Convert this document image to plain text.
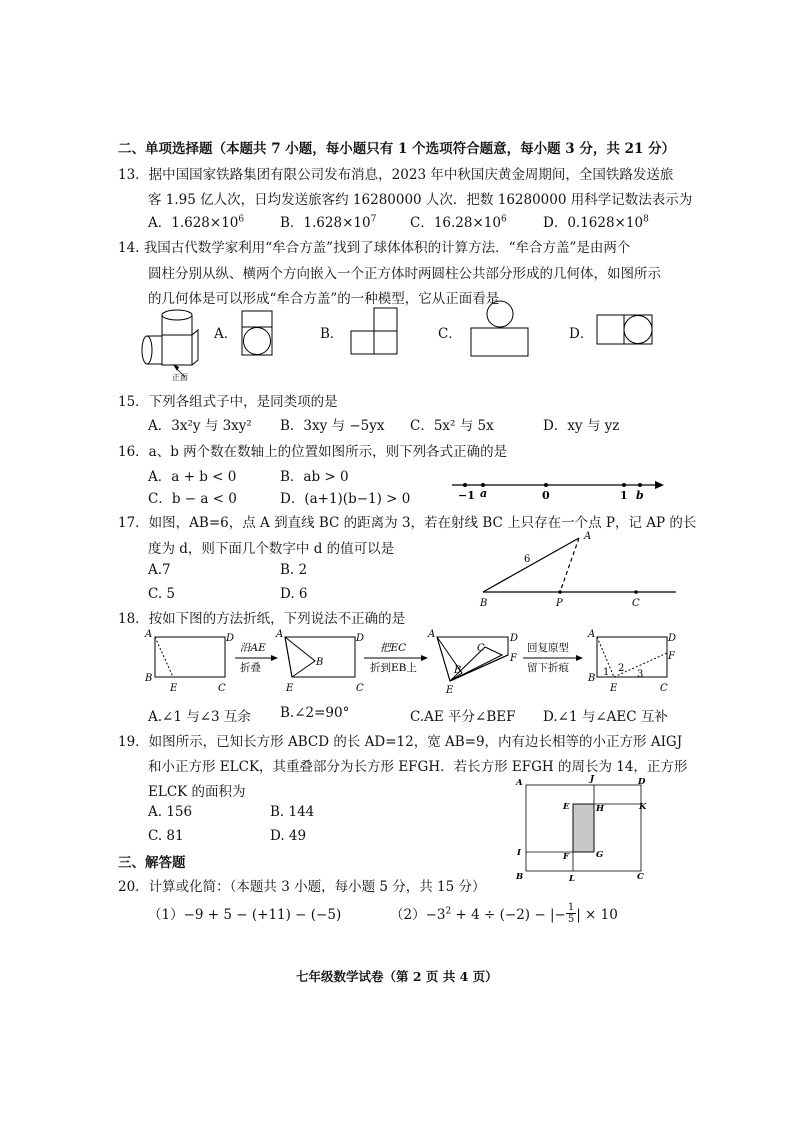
二、单项选择题（本题共 7 小题，每小题只有 1 个选项符合题意，每小题 3 分，共 21 分）
13．据中国国家铁路集团有限公司发布消息，2023 年中秋国庆黄金周期间，全国铁路发送旅
客 1.95 亿人次，日均发送旅客约 16280000 人次．把数 16280000 用科学记数法表示为
A．$1.628\times 10^6$	B．$1.628\times 10^7$ C．$16.28\times 10^6$	D．$0.1628\times 10^8$
14. 我国古代数学家利用“牟合方盖”找到了球体体积的计算方法．“牟合方盖”是由两个
圆柱分别从纵、横两个方向嵌入一个正方体时两圆柱公共部分形成的几何体，如图所示
的几何体是可以形成“牟合方盖”的一种模型，它从正面看是
正面
A．	B．	C．	D．
15．下列各组式子中，是同类项的是
A．3x²y 与 3xy² B．3xy 与 −5yx C．5x² 与 5x	D．xy 与 yz
16．a、b 两个数在数轴上的位置如图所示，则下列各式正确的是
A．a + b < 0	B．ab > 0
C．b − a < 0	D．(a+1)(b−1) > 0	−1 a	0	1 b
17．如图，AB=6，点 A 到直线 BC 的距离为 3，若在射线 BC 上只存在一个点 P，记 AP 的长
度为 d，则下面几个数字中 d 的值可以是
A.7	B. 2
C. 5	D. 6
A
B	P	C
6
18．按如下图的方法折纸，下列说法不正确的是
A	D
B
E	C
A	D
B
E	C
A	D
C
F
B
E
A	D
F
B
E	C
1 2
3
沿AE
折叠
把EC
折到EB上
回复原型
留下折痕
A.∠1 与∠3 互余 B.∠2=90°	C.AE 平分∠BEF D.∠1 与∠AEC 互补
19．如图所示，已知长方形 ABCD 的长 AD=12，宽 AB=9，内有边长相等的小正方形 AIGJ
和小正方形 ELCK，其重叠部分为长方形 EFGH．若长方形 EFGH 的周长为 14，正方形
ELCK 的面积为
A. 156	B. 144
C. 81	D. 49
A	J	D
E	H	K
I	F	G
B	L	C
三、解答题
20．计算或化简：（本题共 3 小题，每小题 5 分，共 15 分）
（1）−9 + 5 − (+11) − (−5)	$(2)-3^2 + 4 \div (-2)$ − |− $\frac{1}{5}$ | × 10
七年级数学试卷（第 2 页 共 4 页）
